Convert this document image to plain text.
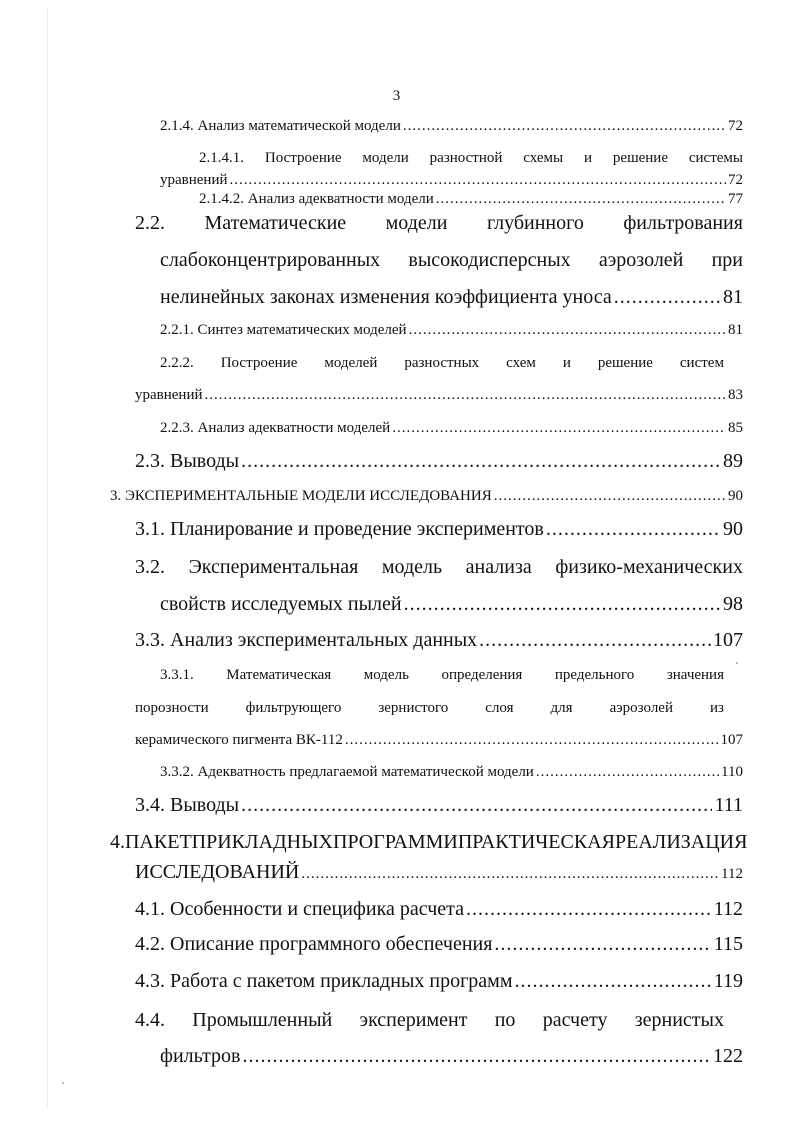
3
2.1.4. Анализ математической модели .....	72
2.1.4.1. Построение модели разностной схемы и решение системы
уравнений .....	72
2.1.4.2. Анализ адекватности модели .....	77
2.2. Математические модели глубинного фильтрования
слабоконцентрированных высокодисперсных аэрозолей при
нелинейных законах изменения коэффициента уноса .....	81
2.2.1. Синтез математических моделей .....	81
2.2.2. Построение моделей разностных схем и решение систем
уравнений .....	83
2.2.3. Анализ адекватности моделей .....	85
2.3. Выводы .....	89
3. ЭКСПЕРИМЕНТАЛЬНЫЕ МОДЕЛИ ИССЛЕДОВАНИЯ .....	90
3.1. Планирование и проведение экспериментов .....	90
3.2. Экспериментальная модель анализа физико-механических
свойств исследуемых пылей .....	98
3.3. Анализ экспериментальных данных .....	107
3.3.1. Математическая модель определения предельного значения
порозности фильтрующего зернистого слоя для аэрозолей из
керамического пигмента ВК-112 .....	107
3.3.2. Адекватность предлагаемой математической модели .....	110
3.4. Выводы .....	111
4. ПАКЕТ ПРИКЛАДНЫХ ПРОГРАММ И ПРАКТИЧЕСКАЯ РЕАЛИЗАЦИЯ
ИССЛЕДОВАНИЙ .....	112
4.1. Особенности и специфика расчета .....	112
4.2. Описание программного обеспечения .....	115
4.3. Работа с пакетом прикладных программ .....	119
4.4. Промышленный эксперимент по расчету зернистых
фильтров .....	122
